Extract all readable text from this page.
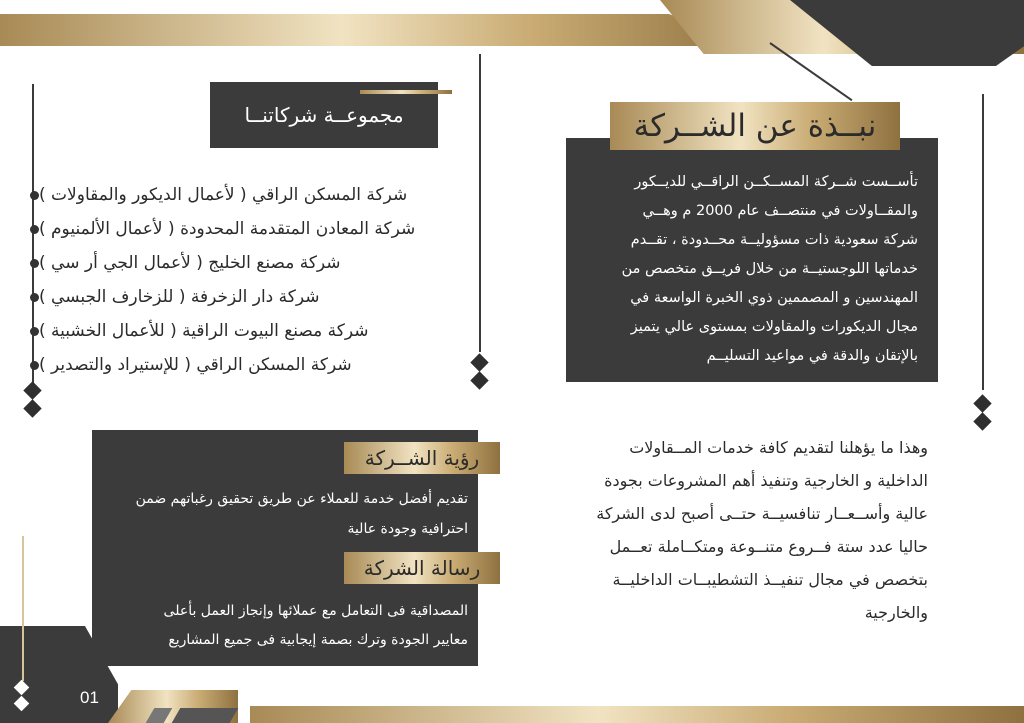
01
نبــذة عن الشــركة

تأســست شــركة المســكــن الراقــي للديــكور

والمقــاولات في منتصــف عام 2000 م وهــي

شركة سعودية ذات مسؤوليــة محــدودة ، تقــدم

خدماتها اللوجستيــة من خلال فريــق متخصص من

المهندسين و المصممين ذوي الخبرة الواسعة في

مجال الديكورات والمقاولات بمستوى عالي يتميز

بالإتقان والدقة في مواعيد التسليــم

وهذا ما يؤهلنا لتقديم كافة خدمات المــقاولات

الداخلية و الخارجية وتنفيذ أهم المشروعات بجودة

عالية وأســعــار تنافسيــة حتــى أصبح لدى الشركة

حاليا عدد ستة فــروع متنــوعة ومتكــاملة تعــمل

بتخصص في مجال تنفيــذ التشطيبــات الداخليــة

والخارجية

مجموعــة شركاتنــا
شركة المسكن الراقي ( لأعمال الديكور والمقاولات )
شركة المعادن المتقدمة المحدودة ( لأعمال الألمنيوم )
شركة مصنع الخليج ( لأعمال الجي أر سي )
شركة دار الزخرفة ( للزخارف الجبسي )
شركة مصنع البيوت الراقية ( للأعمال الخشبية )
شركة المسكن الراقي ( للإستيراد والتصدير )
رؤية الشــركة

تقديم أفضل خدمة للعملاء عن طريق تحقيق رغباتهم ضمن

احترافية وجودة عالية

رسالة الشركة

المصداقية فى التعامل مع عملائها وإنجاز العمل بأعلى

معايير الجودة وترك بصمة إيجابية فى جميع المشاريع
